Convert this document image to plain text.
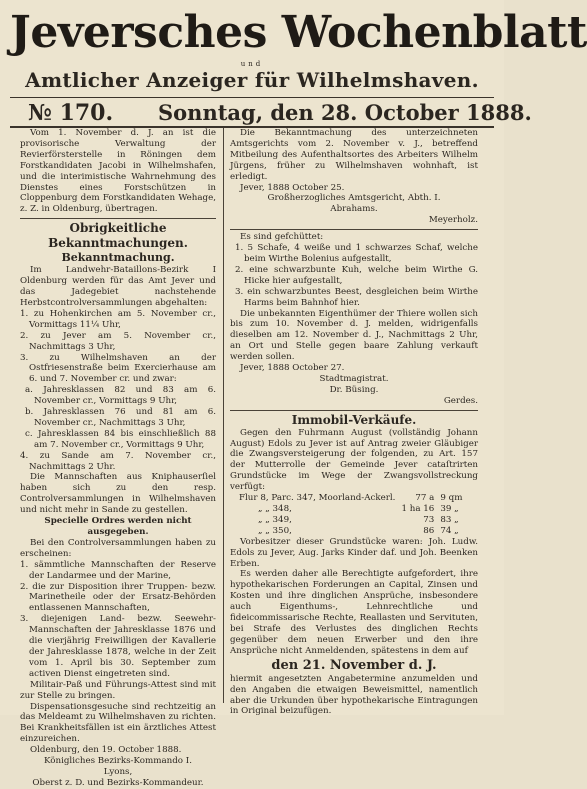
Jeversches Wochenblatt
und
Amtlicher Anzeiger für Wilhelmshaven.
№ 170. Sonntag, den 28. October 1888.

Vom 1. November d. J. an ist die provisorische Verwaltung der Revierförsterstelle in Röningen dem Forstkandidaten Jacobi in Wilhelmshafen, und die interimistische Wahrnehmung des Dienstes eines Forstschützen in Cloppenburg dem Forstkandidaten Wehage, z. Z. in Oldenburg, übertragen.

Obrigkeitliche Bekanntmachungen.
Bekanntmachung.

Im Landwehr-Bataillons-Bezirk I Oldenburg werden für das Amt Jever und das Jadegebiet nachstehende Herbstcontrolversammlungen abgehalten:

1. zu Hohenkirchen am 5. November cr., Vormittags 11¼ Uhr,

2. zu Jever am 5. November cr., Nachmittags 3 Uhr,

3. zu Wilhelmshaven an der Ostfriesenstraße beim Exercierhause am 6. und 7. November cr. und zwar:

a. Jahresklassen 82 und 83 am 6. November cr., Vormittags 9 Uhr,

b. Jahresklassen 76 und 81 am 6. November cr., Nachmittags 3 Uhr,

c. Jahresklassen 84 bis einschließlich 88 am 7. November cr., Vormittags 9 Uhr,

4. zu Sande am 7. November cr., Nachmittags 2 Uhr.

Die Mannschaften aus Kniphauserſiel haben sich zu den resp. Controlversammlungen in Wilhelmshaven und nicht mehr in Sande zu gestellen.

Specielle Ordres werden nicht ausgegeben.

Bei den Controlversammlungen haben zu erscheinen:

1. sämmtliche Mannschaften der Reserve der Landarmee und der Marine,

2. die zur Disposition ihrer Truppen- bezw. Marinetheile oder der Ersatz-Behörden entlassenen Mannschaften,

3. diejenigen Land- bezw. Seewehr-Mannschaften der Jahresklasse 1876 und die vierjährig Freiwilligen der Kavallerie der Jahresklasse 1878, welche in der Zeit vom 1. April bis 30. September zum activen Dienst eingetreten sind.

Militair-Paß und Führungs-Attest sind mit zur Stelle zu bringen.

Dispensationsgesuche sind rechtzeitig an das Meldeamt zu Wilhelmshaven zu richten. Bei Krankheitsfällen ist ein ärztliches Attest einzureichen.

Oldenburg, den 19. October 1888.

Königliches Bezirks-Kommando I.

Lyons,

Oberst z. D. und Bezirks-Kommandeur.

Die Bekanntmachung des unterzeichneten Amtsgerichts vom 2. November v. J., betreffend Mitbeilung des Aufenthaltsortes des Arbeiters Wilhelm Jürgens, früher zu Wilhelmshaven wohnhaft, ist erledigt.

Jever, 1888 October 25.

Großherzogliches Amtsgericht, Abth. I.

Abrahams.

Meyerholz.

Es sind gefchüttet:

1. 5 Schafe, 4 weiße und 1 schwarzes Schaf, welche beim Wirthe Bolenius aufgestallt,

2. eine schwarzbunte Kuh, welche beim Wirthe G. Hicke hier aufgestallt,

3. ein schwarzbuntes Beest, desgleichen beim Wirthe Harms beim Bahnhof hier.

Die unbekannten Eigenthümer der Thiere wollen sich bis zum 10. November d. J. melden, widrigenfalls dieselben am 12. November d. J., Nachmittags 2 Uhr, an Ort und Stelle gegen baare Zahlung verkauft werden sollen.

Jever, 1888 October 27.

Stadtmagistrat.

Dr. Büsing.

Gerdes.

Immobil-Verkäufe.

Gegen den Fuhrmann August (vollständig Johann August) Edols zu Jever ist auf Antrag zweier Gläubiger die Zwangsversteigerung der folgenden, zu Art. 157 der Mutterrolle der Gemeinde Jever cataſtrirten Grundstücke im Wege der Zwangsvollstreckung verfügt:

Flur 8, Parc. 347, Moorland-Ackerl.	77 a	9 qm
„ „ 348,	1 ha 16	39 „
„ „ 349,	73	83 „
„ „ 350,	86	74 „

Vorbesitzer dieser Grundstücke waren: Joh. Ludw. Edols zu Jever, Aug. Jarks Kinder daf. und Joh. Beenken Erben.

Es werden daher alle Berechtigte aufgefordert, ihre hypothekarischen Forderungen an Capital, Zinsen und Kosten und ihre dinglichen Ansprüche, insbesondere auch Eigenthums-, Lehnrechtliche und fideicommissarische Rechte, Reallasten und Servituten, bei Strafe des Verlustes des dinglichen Rechts gegenüber dem neuen Erwerber und den ihre Ansprüche nicht Anmeldenden, spätestens in dem auf

den 21. November d. J.

hiermit angesetzten Angabetermine anzumelden und den Angaben die etwaigen Beweismittel, namentlich aber die Urkunden über hypothekarische Eintragungen in Original beizufügen.
